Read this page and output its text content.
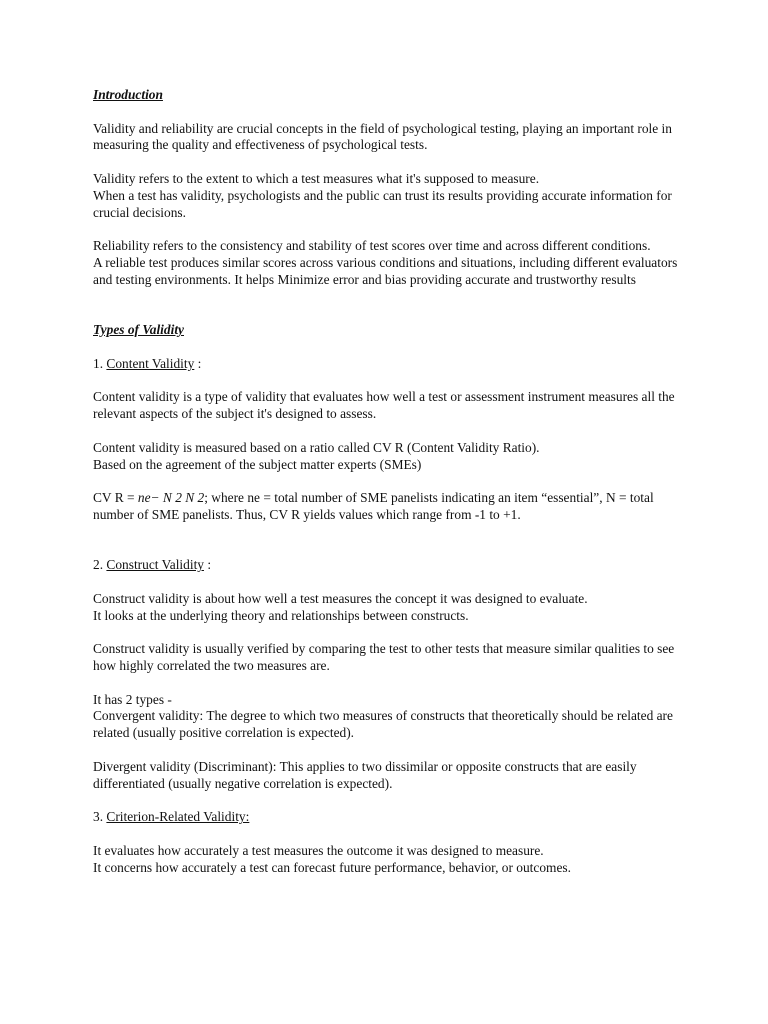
Introduction

Validity and reliability are crucial concepts in the field of psychological testing, playing an important role in measuring the quality and effectiveness of psychological tests.

Validity refers to the extent to which a test measures what it's supposed to measure.
When a test has validity, psychologists and the public can trust its results providing accurate information for crucial decisions.

Reliability refers to the consistency and stability of test scores over time and across different conditions.
A reliable test produces similar scores across various conditions and situations, including different evaluators and testing environments. It helps Minimize error and bias providing accurate and trustworthy results

Types of Validity

1. Content Validity :

Content validity is a type of validity that evaluates how well a test or assessment instrument measures all the relevant aspects of the subject it's designed to assess.

Content validity is measured based on a ratio called CV R (Content Validity Ratio).
Based on the agreement of the subject matter experts (SMEs)

CV R = ne− N 2 N 2; where ne = total number of SME panelists indicating an item “essential”, N = total number of SME panelists. Thus, CV R yields values which range from -1 to +1.

2. Construct Validity :

Construct validity is about how well a test measures the concept it was designed to evaluate.
It looks at the underlying theory and relationships between constructs.

Construct validity is usually verified by comparing the test to other tests that measure similar qualities to see how highly correlated the two measures are.

It has 2 types -
Convergent validity: The degree to which two measures of constructs that theoretically should be related are related (usually positive correlation is expected).

Divergent validity (Discriminant): This applies to two dissimilar or opposite constructs that are easily differentiated (usually negative correlation is expected).

3. Criterion-Related Validity:

It evaluates how accurately a test measures the outcome it was designed to measure.
It concerns how accurately a test can forecast future performance, behavior, or outcomes.
